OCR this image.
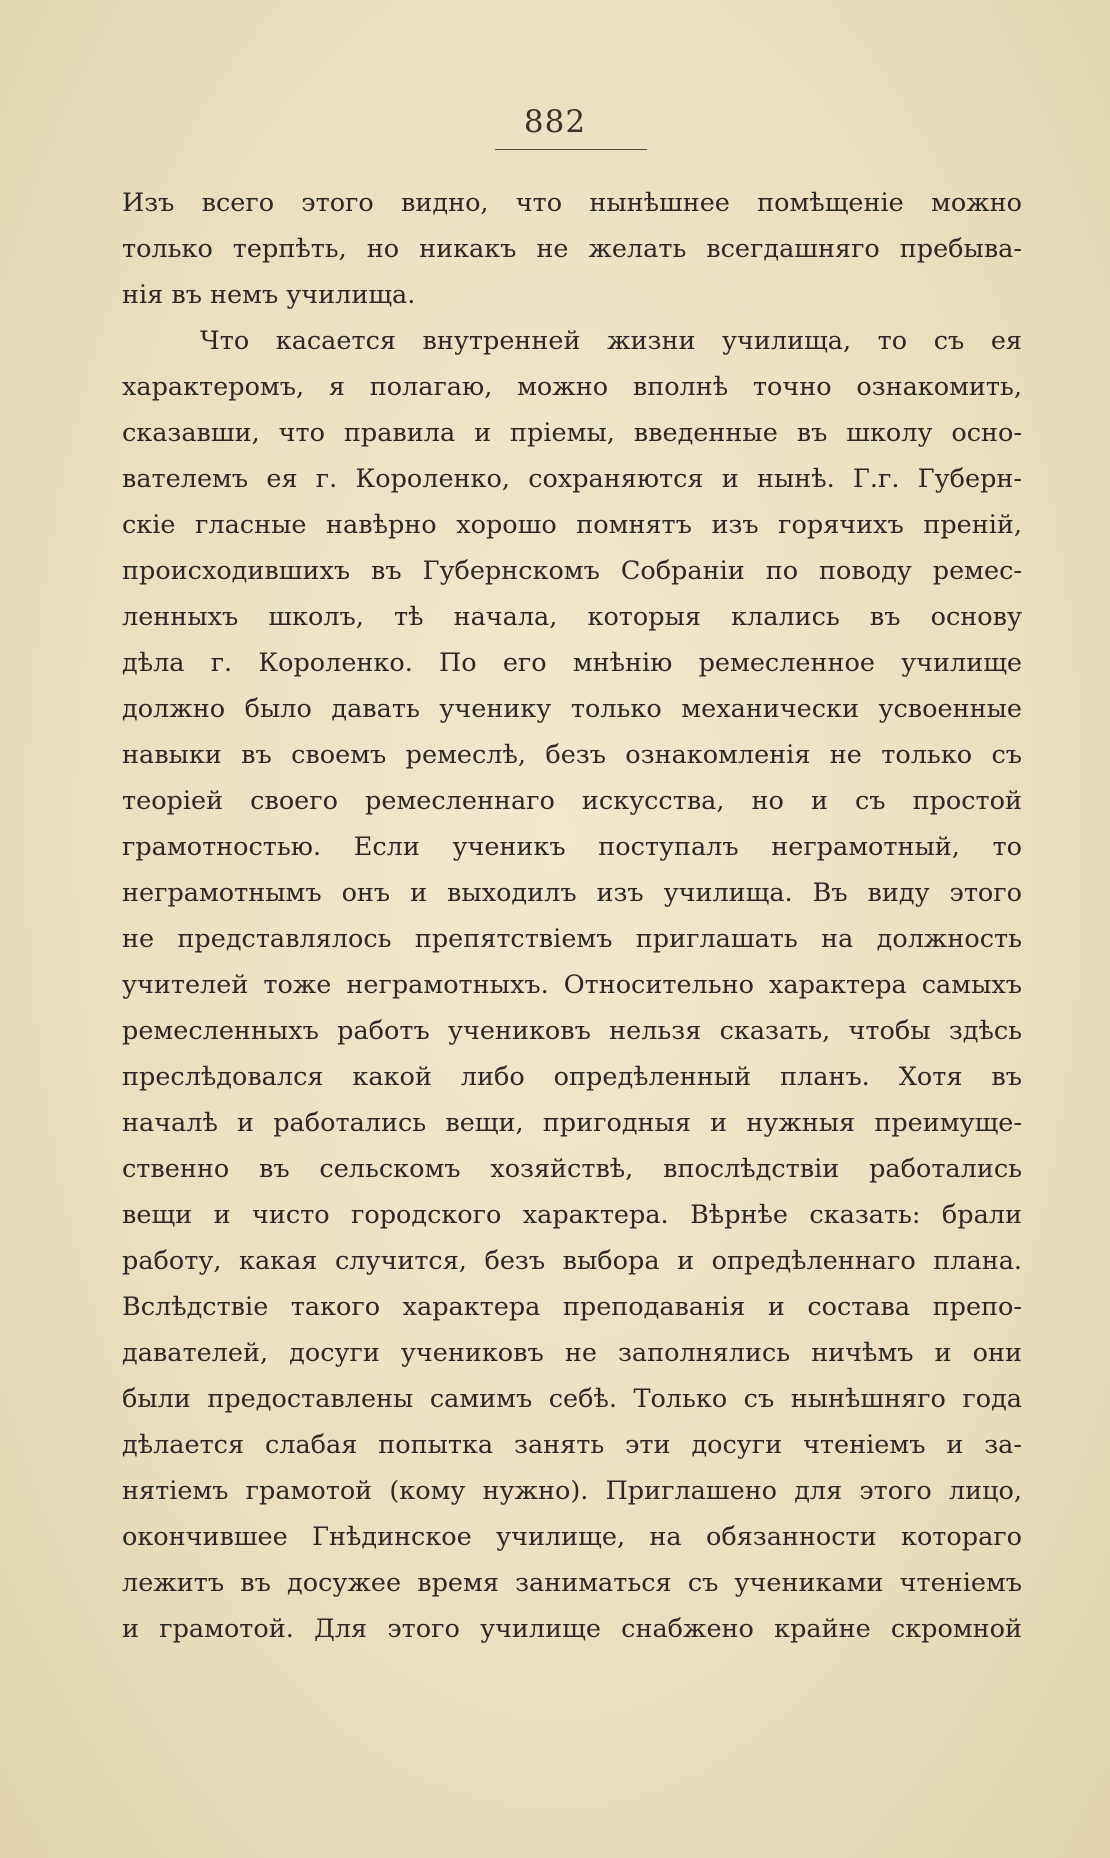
882
Изъ всего этого видно, что нынѣшнее помѣщеніе можно
только терпѣть, но никакъ не желать всегдашняго пребыва-
нія въ немъ училища.
Что касается внутренней жизни училища, то съ ея
характеромъ, я полагаю, можно вполнѣ точно ознакомить,
сказавши, что правила и пріемы, введенные въ школу осно-
вателемъ ея г. Короленко, сохраняются и нынѣ. Г.г. Губерн-
скіе гласные навѣрно хорошо помнятъ изъ горячихъ преній,
происходившихъ въ Губернскомъ Собраніи по поводу ремес-
ленныхъ школъ, тѣ начала, которыя клались въ основу
дѣла г. Короленко. По его мнѣнію ремесленное училище
должно было давать ученику только механически усвоенные
навыки въ своемъ ремеслѣ, безъ ознакомленія не только съ
теоріей своего ремесленнаго искусства, но и съ простой
грамотностью. Если ученикъ поступалъ неграмотный, то
неграмотнымъ онъ и выходилъ изъ училища. Въ виду этого
не представлялось препятствіемъ приглашать на должность
учителей тоже неграмотныхъ. Относительно характера самыхъ
ремесленныхъ работъ учениковъ нельзя сказать, чтобы здѣсь
преслѣдовался какой либо опредѣленный планъ. Хотя въ
началѣ и работались вещи, пригодныя и нужныя преимуще-
ственно въ сельскомъ хозяйствѣ, впослѣдствіи работались
вещи и чисто городского характера. Вѣрнѣе сказать: брали
работу, какая случится, безъ выбора и опредѣленнаго плана.
Вслѣдствіе такого характера преподаванія и состава препо-
давателей, досуги учениковъ не заполнялись ничѣмъ и они
были предоставлены самимъ себѣ. Только съ нынѣшняго года
дѣлается слабая попытка занять эти досуги чтеніемъ и за-
нятіемъ грамотой (кому нужно). Приглашено для этого лицо,
окончившее Гнѣдинское училище, на обязанности котораго
лежитъ въ досужее время заниматься съ учениками чтеніемъ
и грамотой. Для этого училище снабжено крайне скромной
